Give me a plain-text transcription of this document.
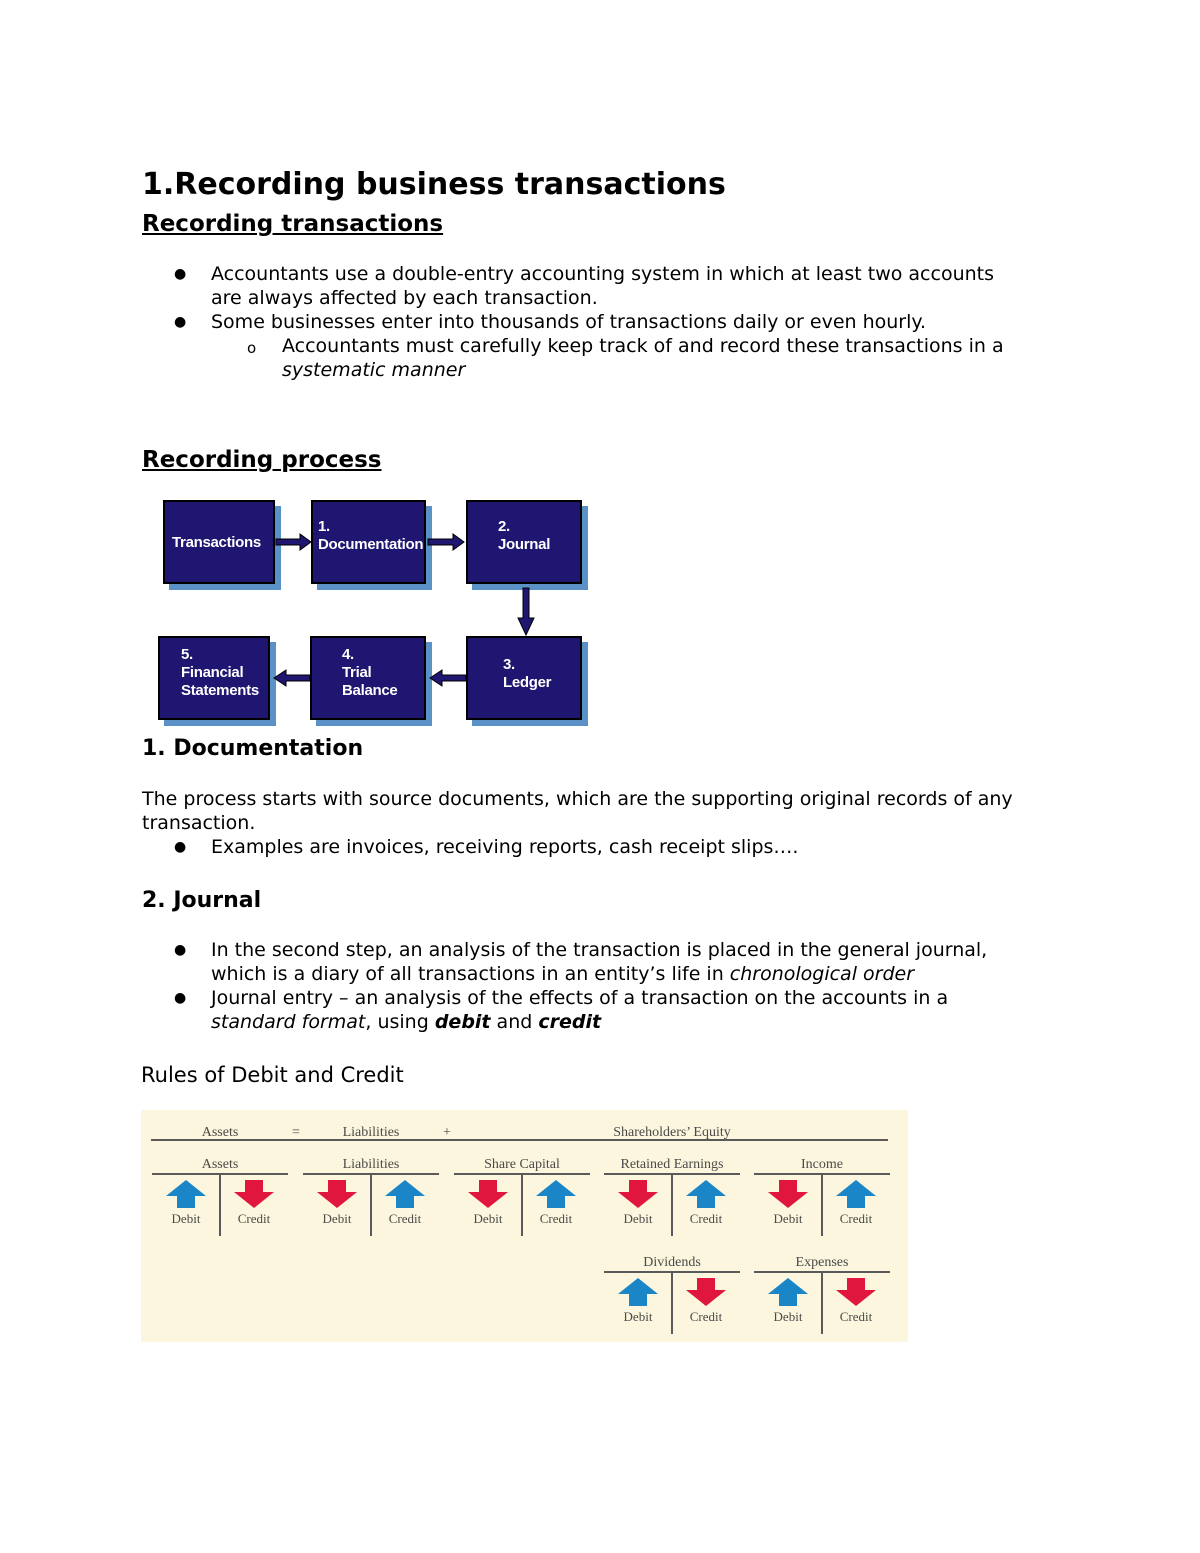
1.Recording business transactions
Recording transactions
● Accountants use a double-entry accounting system in which at least two accounts

are always affected by each transaction.

● Some businesses enter into thousands of transactions daily or even hourly.

o Accountants must carefully keep track of and record these transactions in a

systematic manner

Recording process
Transactions
1.
Documentation
2.
Journal
3.
Ledger
4.
Trial
Balance
5.
Financial
Statements
1. Documentation

The process starts with source documents, which are the supporting original records of any

transaction.

● Examples are invoices, receiving reports, cash receipt slips….

2. Journal
● In the second step, an analysis of the transaction is placed in the general journal,

which is a diary of all transactions in an entity’s life in chronological order

● Journal entry – an analysis of the effects of a transaction on the accounts in a

standard format, using debit and credit

Rules of Debit and Credit
Assets	=	Liabilities	+	Shareholders’ Equity
Assets
Debit	Credit
Liabilities
Debit	Credit
Share Capital
Debit	Credit
Retained Earnings
Debit	Credit
Income
Debit	Credit
Dividends
Debit	Credit
Expenses
Debit	Credit
